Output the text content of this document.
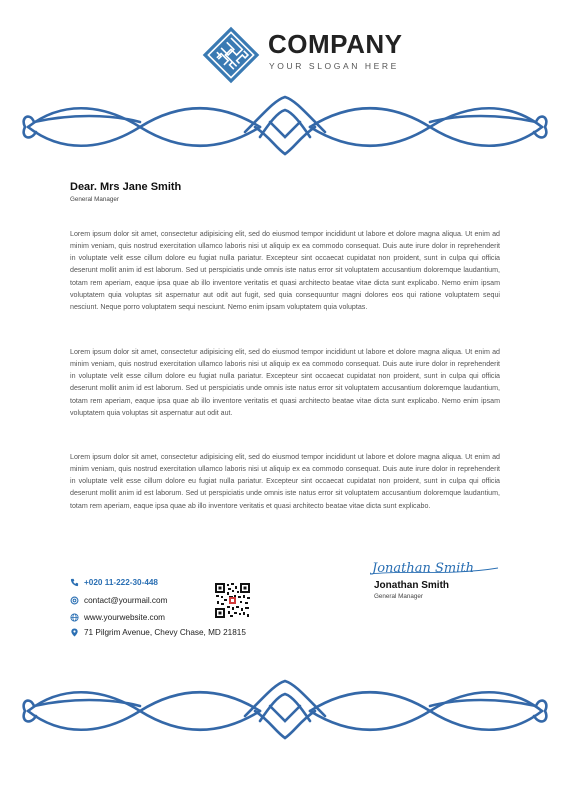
COMPANY
YOUR SLOGAN HERE
Dear. Mrs Jane Smith
General Manager

Lorem ipsum dolor sit amet, consectetur adipisicing elit, sed do eiusmod tempor incididunt ut labore et dolore magna aliqua. Ut enim ad minim veniam, quis nostrud exercitation ullamco laboris nisi ut aliquip ex ea commodo consequat. Duis aute irure dolor in reprehenderit in voluptate velit esse cillum dolore eu fugiat nulla pariatur. Excepteur sint occaecat cupidatat non proident, sunt in culpa qui officia deserunt mollit anim id est laborum. Sed ut perspiciatis unde omnis iste natus error sit voluptatem accusantium doloremque laudantium, totam rem aperiam, eaque ipsa quae ab illo inventore veritatis et quasi architecto beatae vitae dicta sunt explicabo. Nemo enim ipsam voluptatem quia voluptas sit aspernatur aut odit aut fugit, sed quia consequuntur magni dolores eos qui ratione voluptatem sequi nesciunt. Neque porro voluptatem sequi nesciunt. Nemo enim ipsam voluptatem quia voluptas.

Lorem ipsum dolor sit amet, consectetur adipisicing elit, sed do eiusmod tempor incididunt ut labore et dolore magna aliqua. Ut enim ad minim veniam, quis nostrud exercitation ullamco laboris nisi ut aliquip ex ea commodo consequat. Duis aute irure dolor in reprehenderit in voluptate velit esse cillum dolore eu fugiat nulla pariatur. Excepteur sint occaecat cupidatat non proident, sunt in culpa qui officia deserunt mollit anim id est laborum. Sed ut perspiciatis unde omnis iste natus error sit voluptatem accusantium doloremque laudantium, totam rem aperiam, eaque ipsa quae ab illo inventore veritatis et quasi architecto beatae vitae dicta sunt explicabo. Nemo enim ipsam voluptatem quia voluptas sit aspernatur aut odit aut.

Lorem ipsum dolor sit amet, consectetur adipisicing elit, sed do eiusmod tempor incididunt ut labore et dolore magna aliqua. Ut enim ad minim veniam, quis nostrud exercitation ullamco laboris nisi ut aliquip ex ea commodo consequat. Duis aute irure dolor in reprehenderit in voluptate velit esse cillum dolore eu fugiat nulla pariatur. Excepteur sint occaecat cupidatat non proident, sunt in culpa qui officia deserunt mollit anim id est laborum. Sed ut perspiciatis unde omnis iste natus error sit voluptatem accusantium doloremque laudantium, totam rem aperiam, eaque ipsa quae ab illo inventore veritatis et quasi architecto beatae vitae dicta sunt explicabo.

+020 11-222-30-448
contact@yourmail.com
www.yourwebsite.com
71 Pilgrim Avenue, Chevy Chase, MD 21815
Jonathan Smith
Jonathan Smith
General Manager
